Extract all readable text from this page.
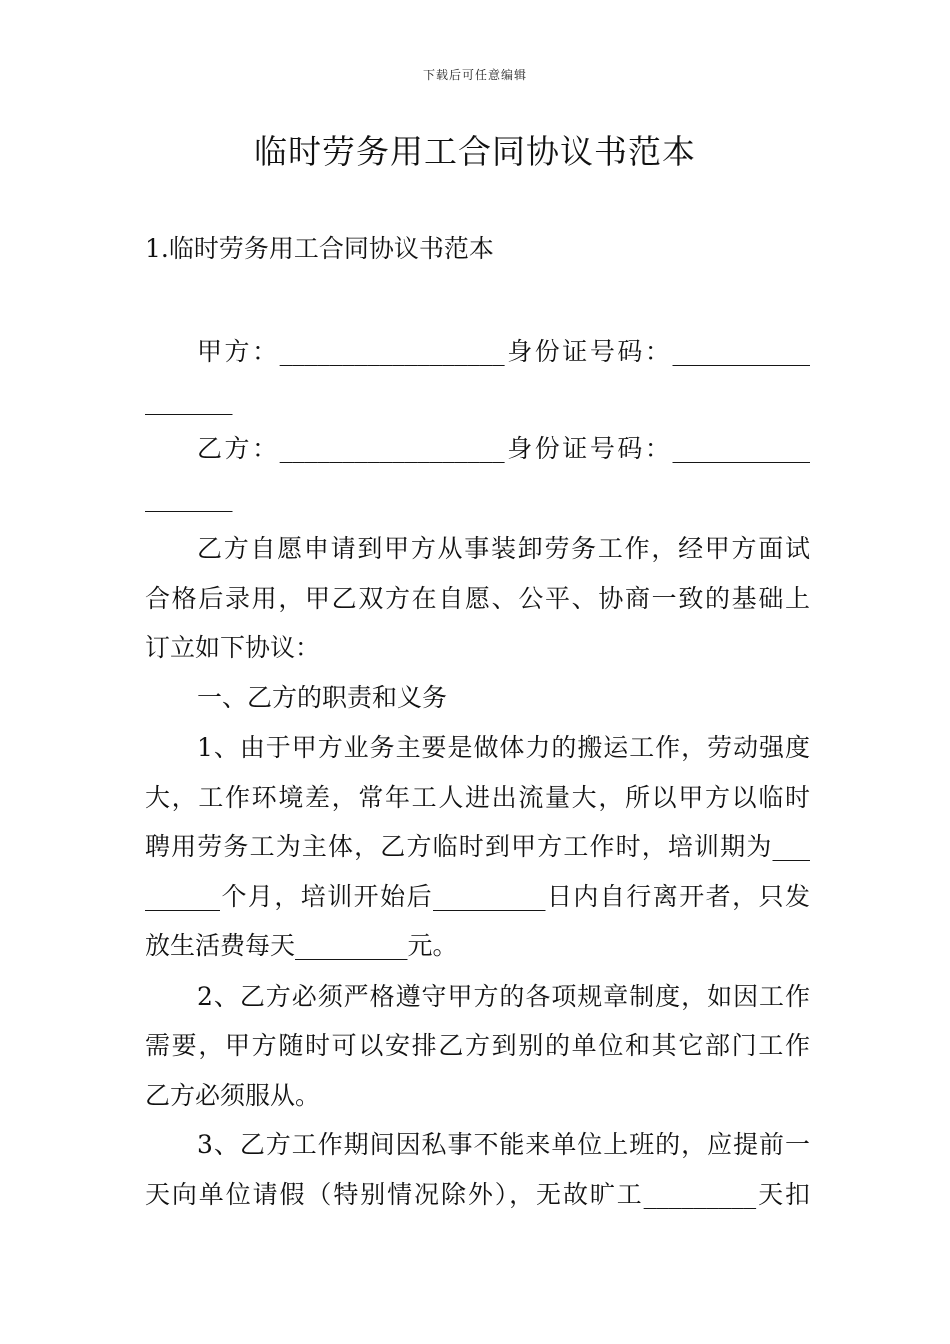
下载后可任意编辑
临时劳务用工合同协议书范本
1.临时劳务用工合同协议书范本
甲方：__________________身份证号码：___________
_______
乙方：__________________身份证号码：___________
_______
乙方自愿申请到甲方从事装卸劳务工作，经甲方面试
合格后录用，甲乙双方在自愿、公平、协商一致的基础上
订立如下协议：
一、乙方的职责和义务
1、由于甲方业务主要是做体力的搬运工作，劳动强度
大，工作环境差，常年工人进出流量大，所以甲方以临时
聘用劳务工为主体，乙方临时到甲方工作时，培训期为___
______个月，培训开始后_________日内自行离开者，只发
放生活费每天_________元。
2、乙方必须严格遵守甲方的各项规章制度，如因工作
需要，甲方随时可以安排乙方到别的单位和其它部门工作
乙方必须服从。
3、乙方工作期间因私事不能来单位上班的，应提前一
天向单位请假（特别情况除外），无故旷工_________天扣
